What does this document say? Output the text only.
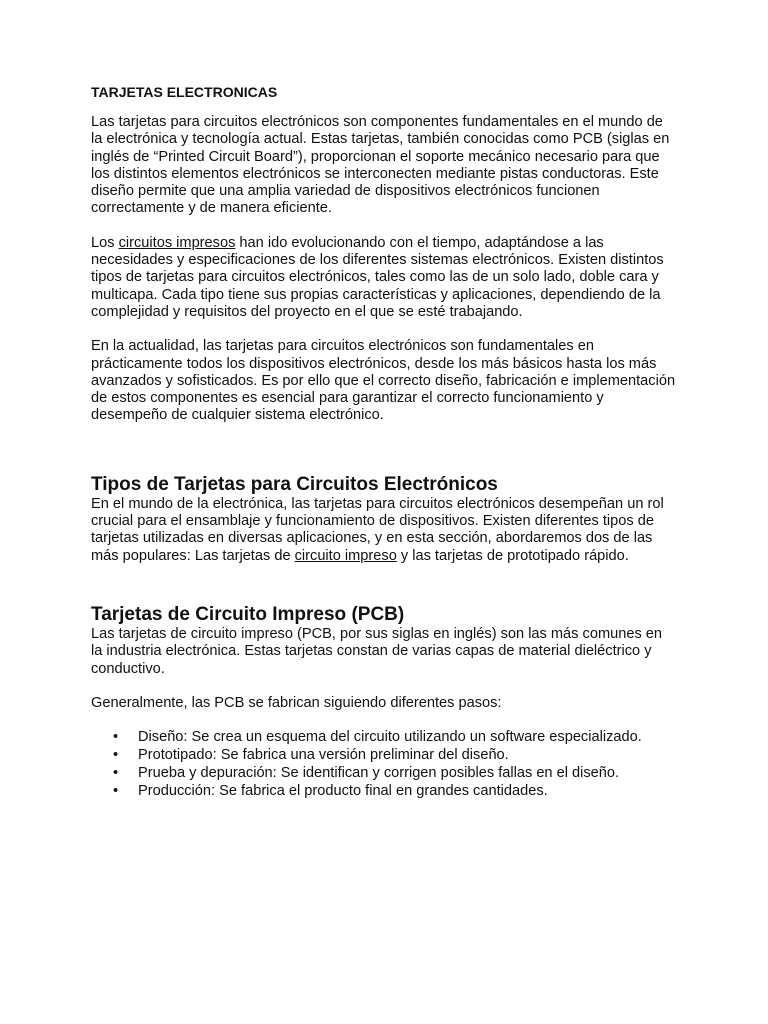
TARJETAS ELECTRONICAS

Las tarjetas para circuitos electrónicos son componentes fundamentales en el mundo de la electrónica y tecnología actual. Estas tarjetas, también conocidas como PCB (siglas en inglés de “Printed Circuit Board”), proporcionan el soporte mecánico necesario para que los distintos elementos electrónicos se interconecten mediante pistas conductoras. Este diseño permite que una amplia variedad de dispositivos electrónicos funcionen correctamente y de manera eficiente.

Los circuitos impresos han ido evolucionando con el tiempo, adaptándose a las necesidades y especificaciones de los diferentes sistemas electrónicos. Existen distintos tipos de tarjetas para circuitos electrónicos, tales como las de un solo lado, doble cara y multicapa. Cada tipo tiene sus propias características y aplicaciones, dependiendo de la complejidad y requisitos del proyecto en el que se esté trabajando.

En la actualidad, las tarjetas para circuitos electrónicos son fundamentales en prácticamente todos los dispositivos electrónicos, desde los más básicos hasta los más avanzados y sofisticados. Es por ello que el correcto diseño, fabricación e implementación de estos componentes es esencial para garantizar el correcto funcionamiento y desempeño de cualquier sistema electrónico.

Tipos de Tarjetas para Circuitos Electrónicos

En el mundo de la electrónica, las tarjetas para circuitos electrónicos desempeñan un rol crucial para el ensamblaje y funcionamiento de dispositivos. Existen diferentes tipos de tarjetas utilizadas en diversas aplicaciones, y en esta sección, abordaremos dos de las más populares: Las tarjetas de circuito impreso y las tarjetas de prototipado rápido.

Tarjetas de Circuito Impreso (PCB)

Las tarjetas de circuito impreso (PCB, por sus siglas en inglés) son las más comunes en la industria electrónica. Estas tarjetas constan de varias capas de material dieléctrico y conductivo.

Generalmente, las PCB se fabrican siguiendo diferentes pasos:

• Diseño: Se crea un esquema del circuito utilizando un software especializado.
• Prototipado: Se fabrica una versión preliminar del diseño.
• Prueba y depuración: Se identifican y corrigen posibles fallas en el diseño.
• Producción: Se fabrica el producto final en grandes cantidades.
